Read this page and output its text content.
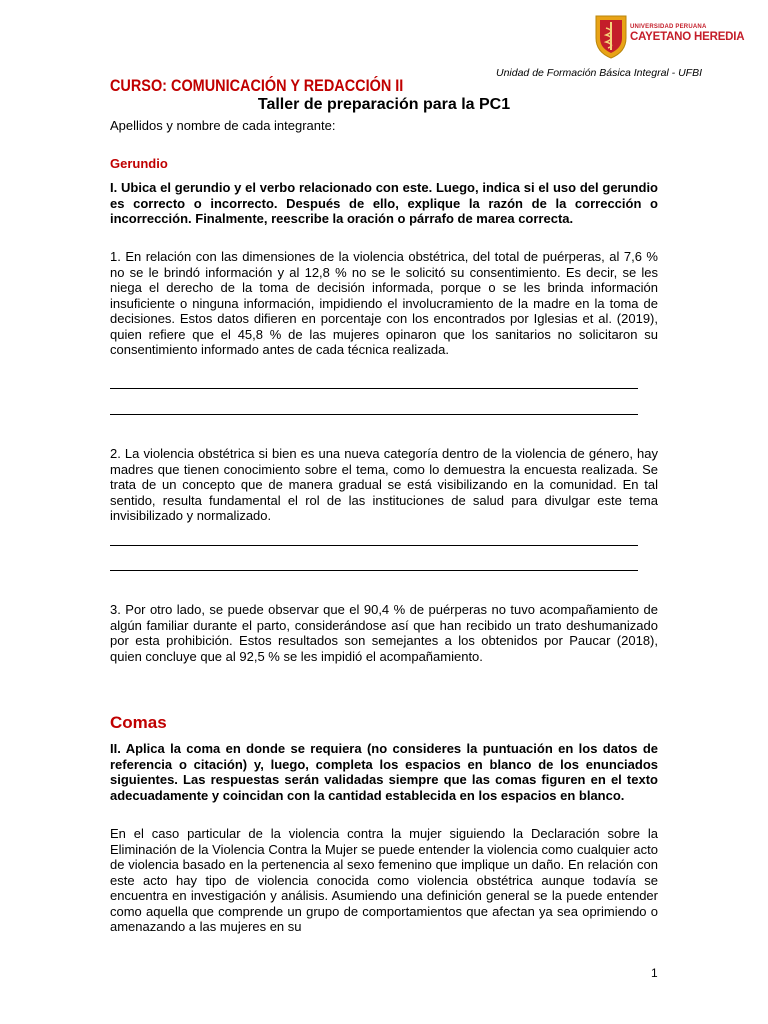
UNIVERSIDAD PERUANA
CAYETANO HEREDIA
Unidad de Formación Básica Integral - UFBI
CURSO: COMUNICACIÓN Y REDACCIÓN II
Taller de preparación para la PC1
Apellidos y nombre de cada integrante:
Gerundio

I. Ubica el gerundio y el verbo relacionado con este. Luego, indica si el uso del gerundio es correcto o incorrecto. Después de ello, explique la razón de la corrección o incorrección. Finalmente, reescribe la oración o párrafo de marea correcta.

1. En relación con las dimensiones de la violencia obstétrica, del total de puérperas, al 7,6 % no se le brindó información y al 12,8 % no se le solicitó su consentimiento. Es decir, se les niega el derecho de la toma de decisión informada, porque o se les brinda información insuficiente o ninguna información, impidiendo el involucramiento de la madre en la toma de decisiones. Estos datos difieren en porcentaje con los encontrados por Iglesias et al. (2019), quien refiere que el 45,8 % de las mujeres opinaron que los sanitarios no solicitaron su consentimiento informado antes de cada técnica realizada.

2. La violencia obstétrica si bien es una nueva categoría dentro de la violencia de género, hay madres que tienen conocimiento sobre el tema, como lo demuestra la encuesta realizada. Se trata de un concepto que de manera gradual se está visibilizando en la comunidad. En tal sentido, resulta fundamental el rol de las instituciones de salud para divulgar este tema invisibilizado y normalizado.

3. Por otro lado, se puede observar que el 90,4 % de puérperas no tuvo acompañamiento de algún familiar durante el parto, considerándose así que han recibido un trato deshumanizado por esta prohibición. Estos resultados son semejantes a los obtenidos por Paucar (2018), quien concluye que al 92,5 % se les impidió el acompañamiento.

Comas

II. Aplica la coma en donde se requiera (no consideres la puntuación en los datos de referencia o citación) y, luego, completa los espacios en blanco de los enunciados siguientes. Las respuestas serán validadas siempre que las comas figuren en el texto adecuadamente y coincidan con la cantidad establecida en los espacios en blanco.

En el caso particular de la violencia contra la mujer siguiendo la Declaración sobre la Eliminación de la Violencia Contra la Mujer se puede entender la violencia como cualquier acto de violencia basado en la pertenencia al sexo femenino que implique un daño. En relación con este acto hay tipo de violencia conocida como violencia obstétrica aunque todavía se encuentra en investigación y análisis. Asumiendo una definición general se la puede entender como aquella que comprende un grupo de comportamientos que afectan ya sea oprimiendo o amenazando a las mujeres en su

1
